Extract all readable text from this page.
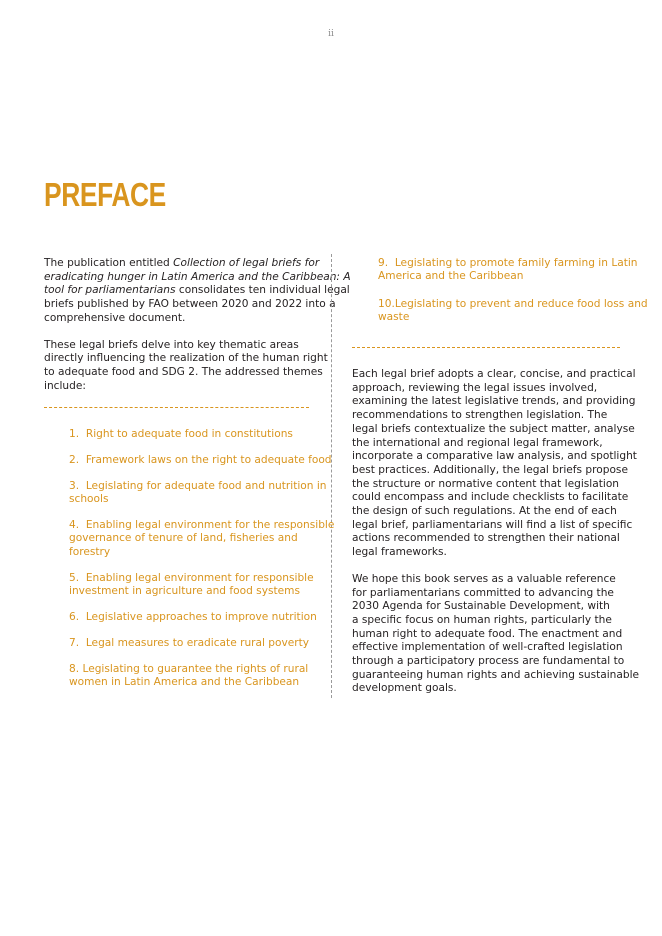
ii
PREFACE

The publication entitled Collection of legal briefs for

eradicating hunger in Latin America and the Caribbean: A

tool for parliamentarians consolidates ten individual legal

briefs published by FAO between 2020 and 2022 into a

comprehensive document.

These legal briefs delve into key thematic areas

directly influencing the realization of the human right

to adequate food and SDG 2. The addressed themes

include:

1.  Right to adequate food in constitutions
2.  Framework laws on the right to adequate food
3.  Legislating for adequate food and nutrition in
schools
4.  Enabling legal environment for the responsible
governance of tenure of land, fisheries and
forestry
5.  Enabling legal environment for responsible
investment in agriculture and food systems
6.  Legislative approaches to improve nutrition
7.  Legal measures to eradicate rural poverty
8. Legislating to guarantee the rights of rural
women in Latin America and the Caribbean
9.  Legislating to promote family farming in Latin
America and the Caribbean
10.Legislating to prevent and reduce food loss and
waste

Each legal brief adopts a clear, concise, and practical

approach, reviewing the legal issues involved,

examining the latest legislative trends, and providing

recommendations to strengthen legislation. The

legal briefs contextualize the subject matter, analyse

the international and regional legal framework,

incorporate a comparative law analysis, and spotlight

best practices. Additionally, the legal briefs propose

the structure or normative content that legislation

could encompass and include checklists to facilitate

the design of such regulations. At the end of each

legal brief, parliamentarians will find a list of specific

actions recommended to strengthen their national

legal frameworks.

We hope this book serves as a valuable reference

for parliamentarians committed to advancing the

2030 Agenda for Sustainable Development, with

a specific focus on human rights, particularly the

human right to adequate food. The enactment and

effective implementation of well-crafted legislation

through a participatory process are fundamental to

guaranteeing human rights and achieving sustainable

development goals.
